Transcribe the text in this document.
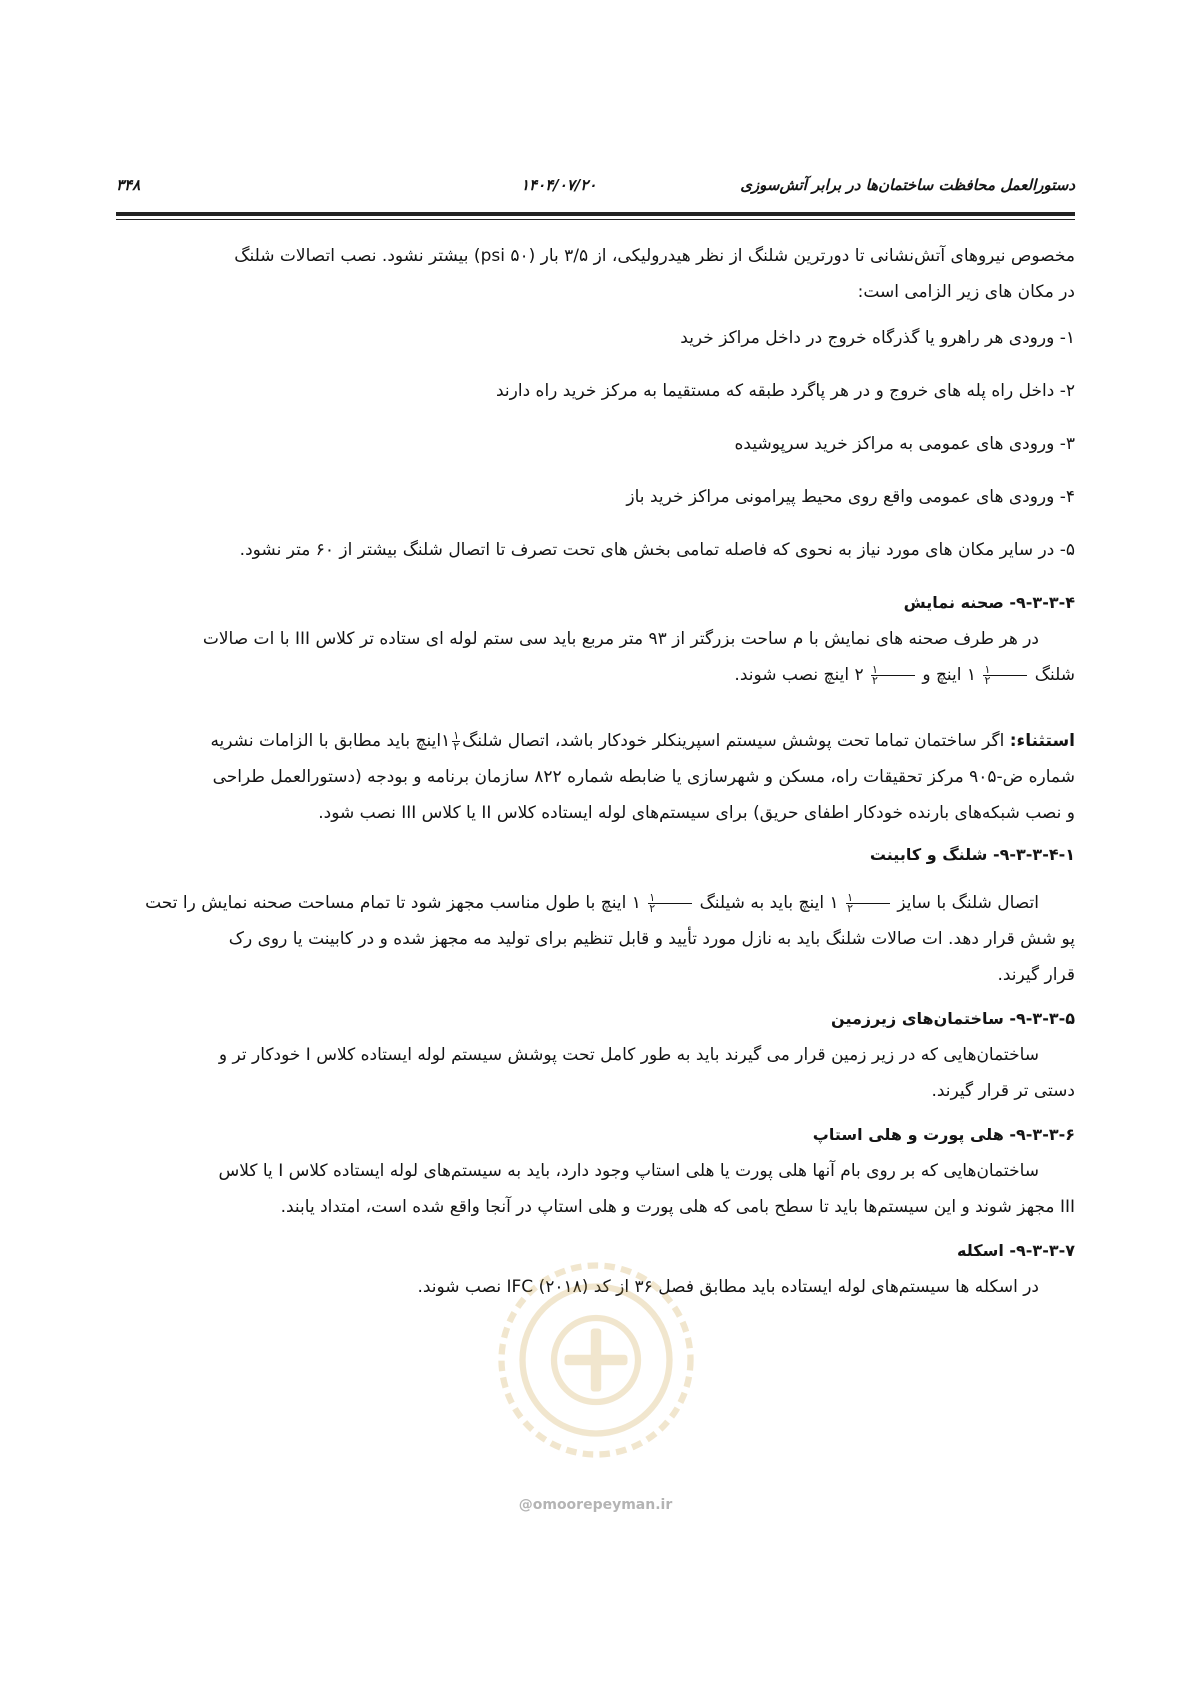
۳۴۸	۱۴۰۴/۰۷/۲۰	دستورالعمل محافظت ساختمان‌ها در برابر آتش‌سوزی

مخصوص نیروهای آتش‌نشانی تا دورترین شلنگ از نظر هیدرولیکی، از ۳/۵ بار (۵۰ psi) بیشتر نشود. نصب اتصالات شلنگ
در مکان های زیر الزامی است:

۱- ورودی هر راهرو یا گذرگاه خروج در داخل مراکز خرید

۲- داخل راه پله های خروج و در هر پاگرد طبقه که مستقیما به مرکز خرید راه دارند

۳- ورودی های عمومی به مراکز خرید سرپوشیده

۴- ورودی های عمومی واقع روی محیط پیرامونی مراکز خرید باز

۵- در سایر مکان های مورد نیاز به نحوی که فاصله تمامی بخش های تحت تصرف تا اتصال شلنگ بیشتر از ۶۰ متر نشود.

۹-۳-۳-۴- صحنه نمایش

در هر طرف صحنه های نمایش با م ساحت بزرگتر از ۹۳ متر مربع باید سی ستم لوله ای ستاده تر کلاس III با ات صالات
شلنگ
۱
۲
۱ اینچ و
۱
۲
۲ اینچ نصب شوند.

استثناء: اگر ساختمان تماما تحت پوشش سیستم اسپرینکلر خودکار باشد، اتصال شلنگ
۱
۲
۱اینچ باید مطابق با الزامات نشریه
شماره ض-۹۰۵ مرکز تحقیقات راه، مسکن و شهرسازی یا ضابطه شماره ۸۲۲ سازمان برنامه و بودجه (دستورالعمل طراحی
و نصب شبکه‌های بارنده خودکار اطفای حریق) برای سیستم‌های لوله ایستاده کلاس II یا کلاس III نصب شود.

۹-۳-۳-۴-۱- شلنگ و کابینت

اتصال شلنگ با سایز
۱
۲
۱ اینچ باید به شیلنگ
۱
۲
۱ اینچ با طول مناسب مجهز شود تا تمام مساحت صحنه نمایش را تحت
پو شش قرار دهد. ات صالات شلنگ باید به نازل مورد تأیید و قابل تنظیم برای تولید مه مجهز شده و در کابینت یا روی رک
قرار گیرند.

۹-۳-۳-۵- ساختمان‌های زیرزمین

ساختمان‌هایی که در زیر زمین قرار می گیرند باید به طور کامل تحت پوشش سیستم لوله ایستاده کلاس I خودکار تر و
دستی تر قرار گیرند.

۹-۳-۳-۶- هلی پورت و هلی استاپ

ساختمان‌هایی که بر روی بام آنها هلی پورت یا هلی استاپ وجود دارد، باید به سیستم‌های لوله ایستاده کلاس I یا کلاس
III مجهز شوند و این سیستم‌ها باید تا سطح بامی که هلی پورت و هلی استاپ در آنجا واقع شده است، امتداد یابند.

۹-۳-۳-۷- اسکله

در اسکله ها سیستم‌های لوله ایستاده باید مطابق فصل ۳۶ از کد IFC (۲۰۱۸) نصب شوند.

@omoorepeyman.ir
